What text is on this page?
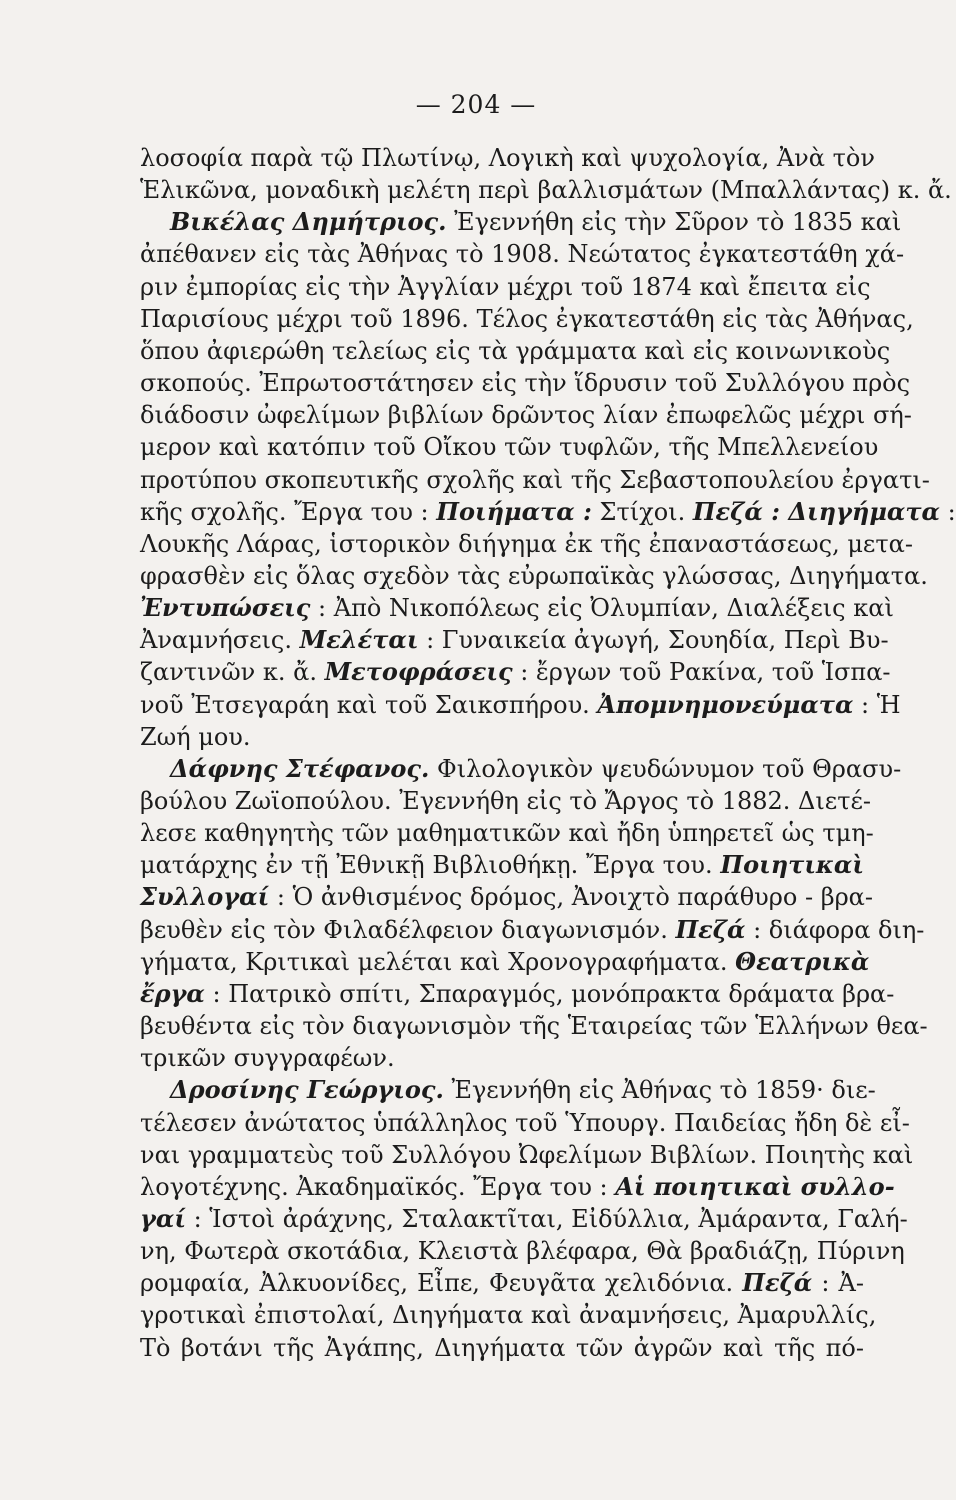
— 204 —
λοσοφία παρὰ τῷ Πλωτίνῳ, Λογικὴ καὶ ψυχολογία, Ἀνὰ τὸν
Ἑλικῶνα, μοναδικὴ μελέτη περὶ βαλλισμάτων (Μπαλλάντας) κ. ἄ.
Βικέλας Δημήτριος. Ἐγεννήθη εἰς τὴν Σῦρον τὸ 1835 καὶ
ἀπέθανεν εἰς τὰς Ἀθήνας τὸ 1908. Νεώτατος ἐγκατεστάθη χά-
ριν ἐμπορίας εἰς τὴν Ἀγγλίαν μέχρι τοῦ 1874 καὶ ἔπειτα εἰς
Παρισίους μέχρι τοῦ 1896. Τέλος ἐγκατεστάθη εἰς τὰς Ἀθήνας,
ὅπου ἀφιερώθη τελείως εἰς τὰ γράμματα καὶ εἰς κοινωνικοὺς
σκοπούς. Ἐπρωτοστάτησεν εἰς τὴν ἵδρυσιν τοῦ Συλλόγου πρὸς
διάδοσιν ὠφελίμων βιβλίων δρῶντος λίαν ἐπωφελῶς μέχρι σή-
μερον καὶ κατόπιν τοῦ Οἴκου τῶν τυφλῶν, τῆς Μπελλενείου
προτύπου σκοπευτικῆς σχολῆς καὶ τῆς Σεβαστοπουλείου ἐργατι-
κῆς σχολῆς. Ἔργα του : Ποιήματα : Στίχοι. Πεζά : Διηγήματα :
Λουκῆς Λάρας, ἱστορικὸν διήγημα ἐκ τῆς ἐπαναστάσεως, μετα-
φρασθὲν εἰς ὅλας σχεδὸν τὰς εὐρωπαϊκὰς γλώσσας, Διηγήματα.
Ἐντυπώσεις : Ἀπὸ Νικοπόλεως εἰς Ὀλυμπίαν, Διαλέξεις καὶ
Ἀναμνήσεις. Μελέται : Γυναικεία ἀγωγή, Σουηδία, Περὶ Βυ-
ζαντινῶν κ. ἄ. Μετοφράσεις : ἔργων τοῦ Ρακίνα, τοῦ Ἱσπα-
νοῦ Ἐτσεγαράη καὶ τοῦ Σαικσπήρου. Ἀπομνημονεύματα : Ἡ
Ζωή μου.
Δάφνης Στέφανος. Φιλολογικὸν ψευδώνυμον τοῦ Θρασυ-
βούλου Ζωϊοπούλου. Ἐγεννήθη εἰς τὸ Ἄργος τὸ 1882. Διετέ-
λεσε καθηγητὴς τῶν μαθηματικῶν καὶ ἤδη ὑπηρετεῖ ὡς τμη-
ματάρχης ἐν τῇ Ἐθνικῇ Βιβλιοθήκῃ. Ἔργα του. Ποιητικαὶ
Συλλογαί : Ὁ ἀνθισμένος δρόμος, Ἀνοιχτὸ παράθυρο - βρα-
βευθὲν εἰς τὸν Φιλαδέλφειον διαγωνισμόν. Πεζά : διάφορα διη-
γήματα, Κριτικαὶ μελέται καὶ Χρονογραφήματα. Θεατρικὰ
ἔργα : Πατρικὸ σπίτι, Σπαραγμός, μονόπρακτα δράματα βρα-
βευθέντα εἰς τὸν διαγωνισμὸν τῆς Ἑταιρείας τῶν Ἑλλήνων θεα-
τρικῶν συγγραφέων.
Δροσίνης Γεώργιος. Ἐγεννήθη εἰς Ἀθήνας τὸ 1859· διε-
τέλεσεν ἀνώτατος ὑπάλληλος τοῦ Ὑπουργ. Παιδείας ἤδη δὲ εἶ-
ναι γραμματεὺς τοῦ Συλλόγου Ὠφελίμων Βιβλίων. Ποιητὴς καὶ
λογοτέχνης. Ἀκαδημαϊκός. Ἔργα του : Αἱ ποιητικαὶ συλλο-
γαί : Ἱστοὶ ἀράχνης, Σταλακτῖται, Εἰδύλλια, Ἀμάραντα, Γαλή-
νη, Φωτερὰ σκοτάδια, Κλειστὰ βλέφαρα, Θὰ βραδιάζῃ, Πύρινη
ρομφαία, Ἀλκυονίδες, Εἶπε, Φευγᾶτα χελιδόνια. Πεζά : Ἀ-
γροτικαὶ ἐπιστολαί, Διηγήματα καὶ ἀναμνήσεις, Ἀμαρυλλίς,
Τὸ βοτάνι τῆς Ἀγάπης, Διηγήματα τῶν ἀγρῶν καὶ τῆς πό-
